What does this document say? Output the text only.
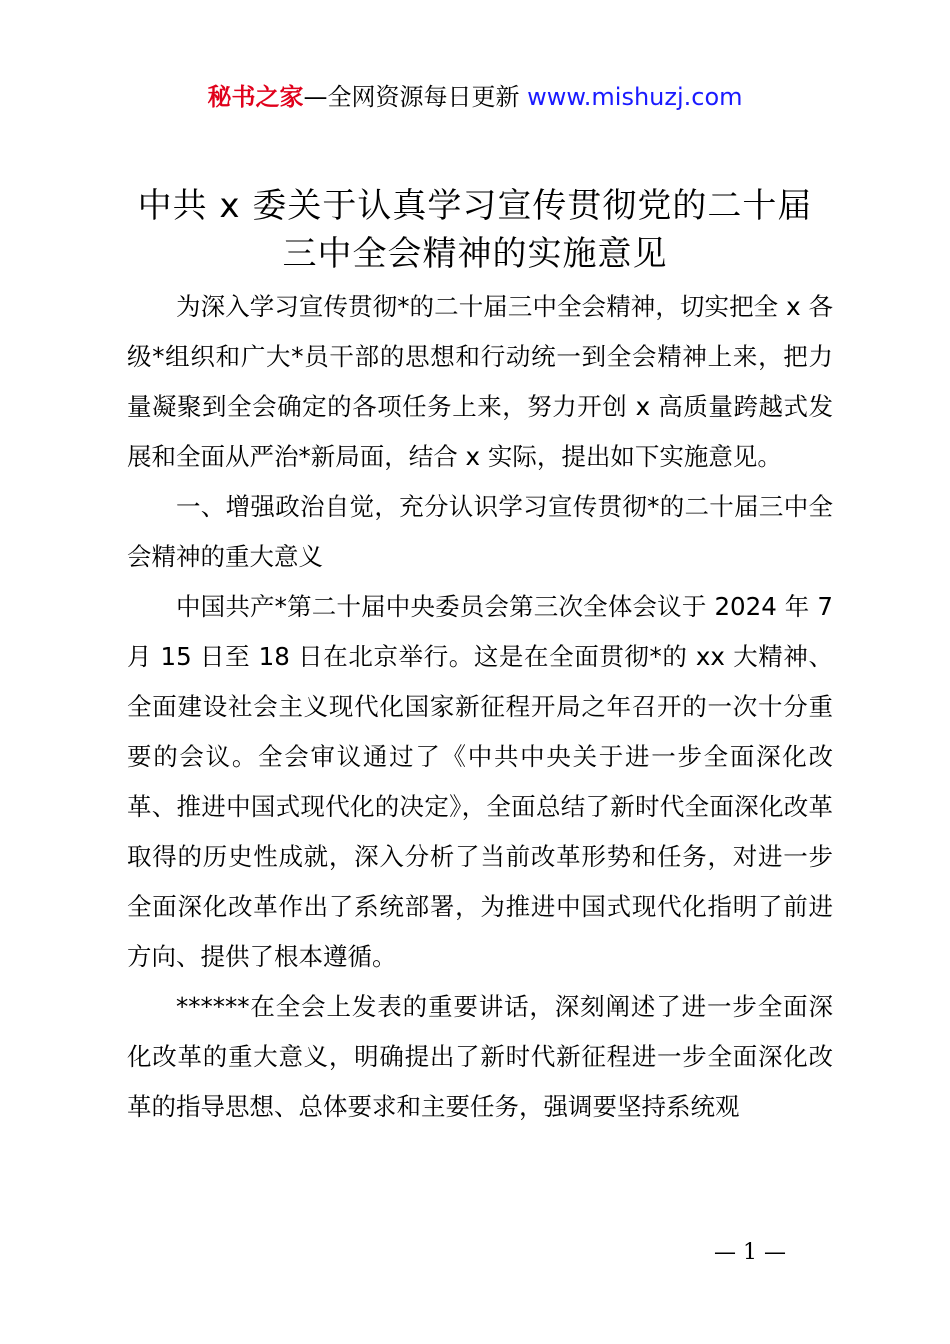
秘书之家—全网资源每日更新 www.mishuzj.com
中共 x 委关于认真学习宣传贯彻党的二十届
三中全会精神的实施意见

为深入学习宣传贯彻*的二十届三中全会精神，切实把全 x 各级*组织和广大*员干部的思想和行动统一到全会精神上来，把力量凝聚到全会确定的各项任务上来，努力开创 x 高质量跨越式发展和全面从严治*新局面，结合 x 实际，提出如下实施意见。

一、增强政治自觉，充分认识学习宣传贯彻*的二十届三中全会精神的重大意义

中国共产*第二十届中央委员会第三次全体会议于 2024 年 7 月 15 日至 18 日在北京举行。这是在全面贯彻*的 xx 大精神、全面建设社会主义现代化国家新征程开局之年召开的一次十分重要的会议。全会审议通过了《中共中央关于进一步全面深化改革、推进中国式现代化的决定》，全面总结了新时代全面深化改革取得的历史性成就，深入分析了当前改革形势和任务，对进一步全面深化改革作出了系统部署，为推进中国式现代化指明了前进方向、提供了根本遵循。

******在全会上发表的重要讲话，深刻阐述了进一步全面深化改革的重大意义，明确提出了新时代新征程进一步全面深化改革的指导思想、总体要求和主要任务，强调要坚持系统观

— 1 —
